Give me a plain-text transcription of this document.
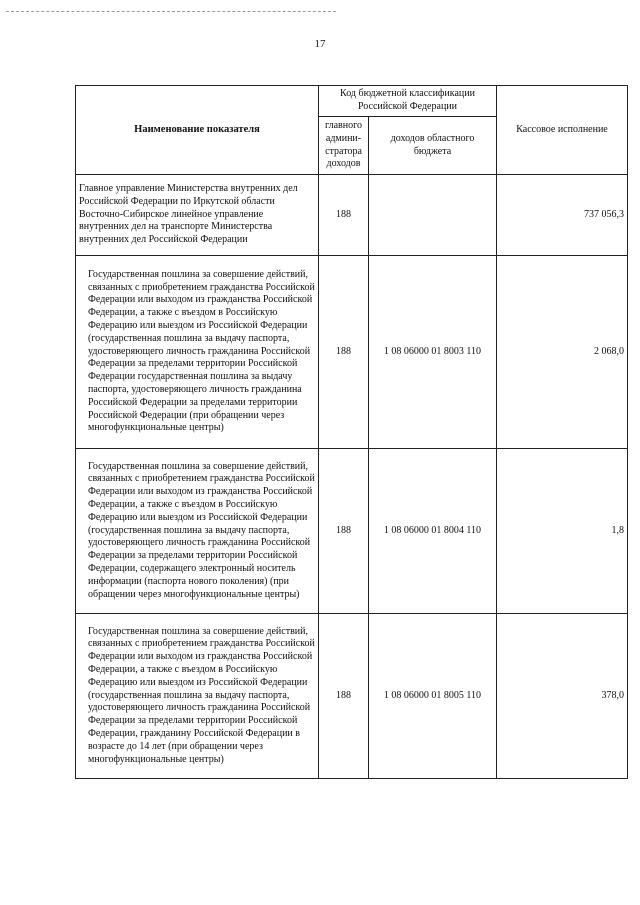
17
Наименование показателя	Код бюджетной классификации Российской Федерации		Кассовое исполнение
	главного админи-стратора доходов	доходов областного бюджета	

Главное управление Министерства внутренних дел Российской Федерации по Иркутской области
Восточно-Сибирское линейное управление внутренних дел на транспорте Министерства внутренних дел Российской Федерации	188		737 056,3
Государственная пошлина за совершение действий, связанных с приобретением гражданства Российской Федерации или выходом из гражданства Российской Федерации, а также с въездом в Российскую Федерацию или выездом из Российской Федерации (государственная пошлина за выдачу паспорта, удостоверяющего личность гражданина Российской Федерации за пределами территории Российской Федерации государственная пошлина за выдачу паспорта, удостоверяющего личность гражданина Российской Федерации за пределами территории Российской Федерации (при обращении через многофункциональные центры)	188	1 08 06000 01 8003 110	2 068,0
Государственная пошлина за совершение действий, связанных с приобретением гражданства Российской Федерации или выходом из гражданства Российской Федерации, а также с въездом в Российскую Федерацию или выездом из Российской Федерации (государственная пошлина за выдачу паспорта, удостоверяющего личность гражданина Российской Федерации за пределами территории Российской Федерации, содержащего электронный носитель информации (паспорта нового поколения) (при обращении через многофункциональные центры)	188	1 08 06000 01 8004 110	1,8
Государственная пошлина за совершение действий, связанных с приобретением гражданства Российской Федерации или выходом из гражданства Российской Федерации, а также с въездом в Российскую Федерацию или выездом из Российской Федерации (государственная пошлина за выдачу паспорта, удостоверяющего личность гражданина Российской Федерации за пределами территории Российской Федерации, гражданину Российской Федерации в возрасте до 14 лет (при обращении через многофункциональные центры)	188	1 08 06000 01 8005 110	378,0
